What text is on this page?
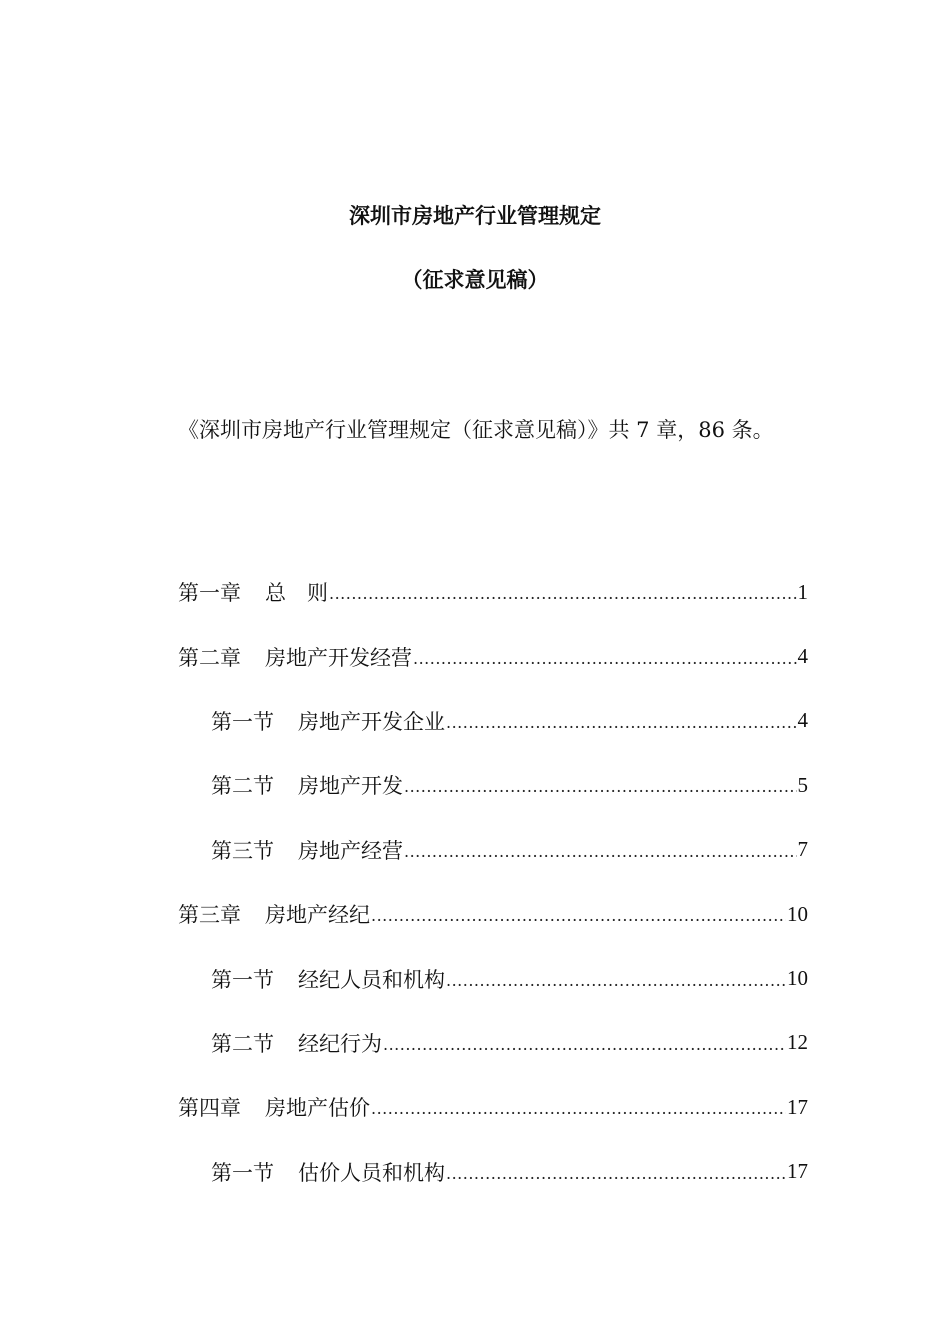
深圳市房地产行业管理规定
（征求意见稿）
《深圳市房地产行业管理规定（征求意见稿）》共 7 章，86 条。
第一章 总　则 .....	1
第二章 房地产开发经营 .....	4
第一节 房地产开发企业 .....	4
第二节 房地产开发 .....	5
第三节 房地产经营 .....	7
第三章 房地产经纪 .....	10
第一节 经纪人员和机构 .....	10
第二节 经纪行为 .....	12
第四章 房地产估价 .....	17
第一节 估价人员和机构 .....	17
